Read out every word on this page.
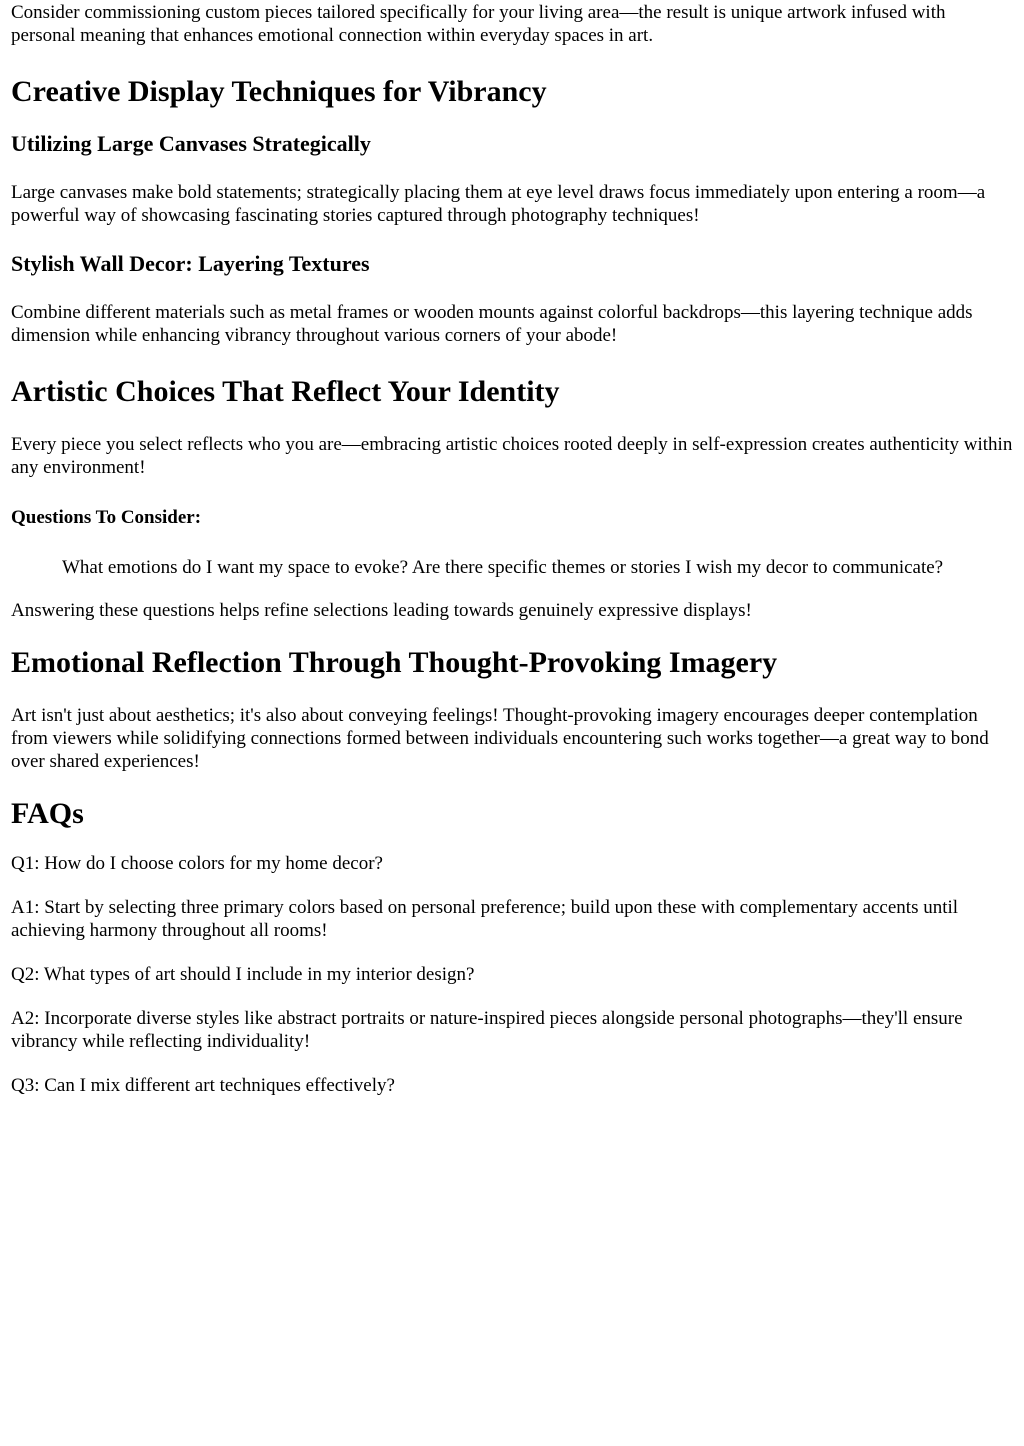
Consider commissioning custom pieces tailored specifically for your living area—the result is unique artwork infused with personal meaning that enhances emotional connection within everyday spaces in art.

Creative Display Techniques for Vibrancy
Utilizing Large Canvases Strategically

Large canvases make bold statements; strategically placing them at eye level draws focus immediately upon entering a room—a powerful way of showcasing fascinating stories captured through photography techniques!

Stylish Wall Decor: Layering Textures

Combine different materials such as metal frames or wooden mounts against colorful backdrops—this layering technique adds dimension while enhancing vibrancy throughout various corners of your abode!

Artistic Choices That Reflect Your Identity

Every piece you select reflects who you are—embracing artistic choices rooted deeply in self-expression creates authenticity within any environment!

Questions To Consider:
What emotions do I want my space to evoke? Are there specific themes or stories I wish my decor to communicate?

Answering these questions helps refine selections leading towards genuinely expressive displays!

Emotional Reflection Through Thought-Provoking Imagery

Art isn't just about aesthetics; it's also about conveying feelings! Thought-provoking imagery encourages deeper contemplation from viewers while solidifying connections formed between individuals encountering such works together—a great way to bond over shared experiences!

FAQs

Q1: How do I choose colors for my home decor?

A1: Start by selecting three primary colors based on personal preference; build upon these with complementary accents until achieving harmony throughout all rooms!

Q2: What types of art should I include in my interior design?

A2: Incorporate diverse styles like abstract portraits or nature-inspired pieces alongside personal photographs—they'll ensure vibrancy while reflecting individuality!

Q3: Can I mix different art techniques effectively?
